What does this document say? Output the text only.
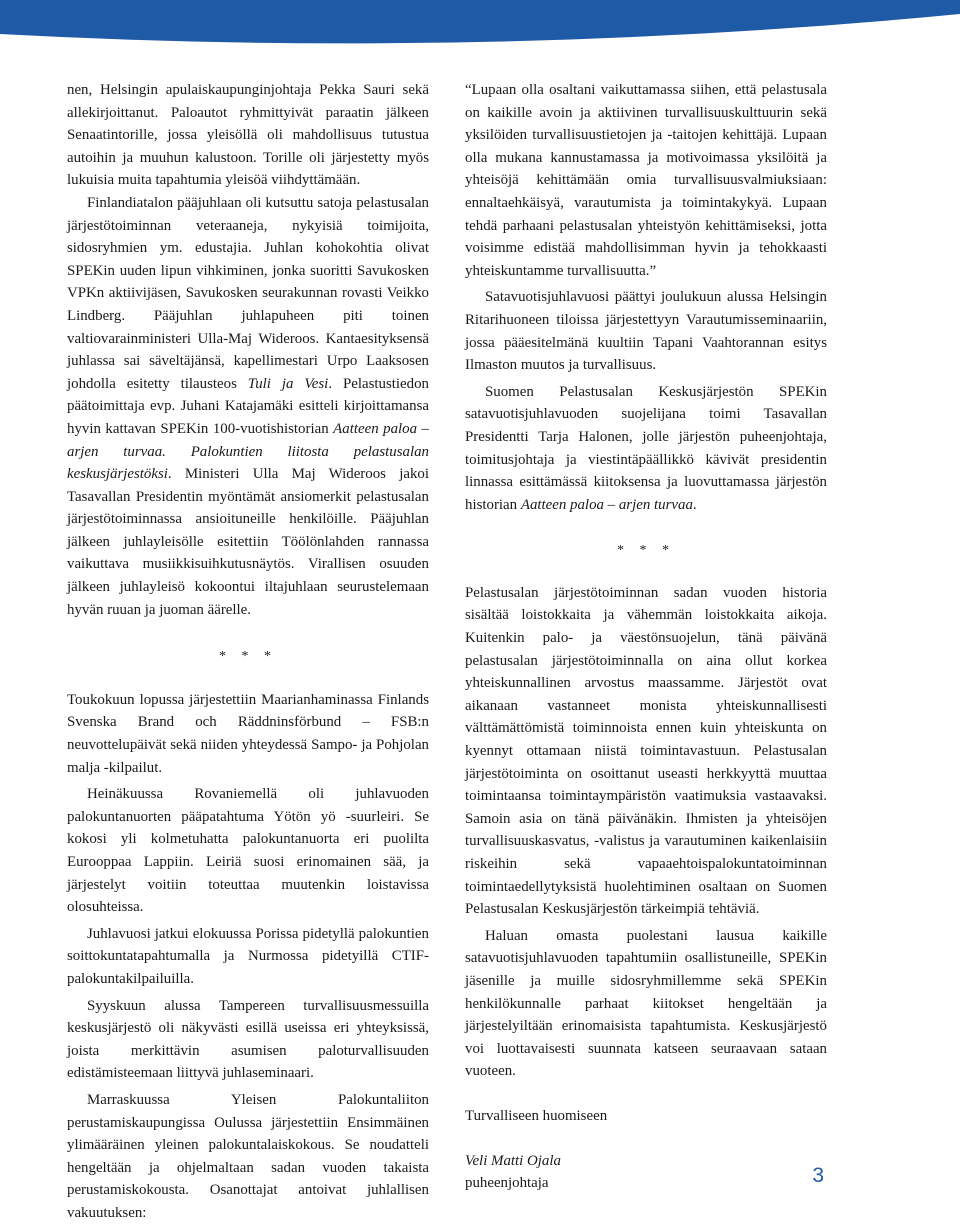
nen, Helsingin apulaiskaupunginjohtaja Pekka Sauri sekä allekirjoittanut. Paloautot ryhmittyivät paraatin jälkeen Senaatintorille, jossa yleisöllä oli mahdollisuus tutustua autoihin ja muuhun kalustoon. Torille oli järjestetty myös lukuisia muita tapahtumia yleisöä viihdyttämään.

Finlandiatalon pääjuhlaan oli kutsuttu satoja pelastusalan järjestötoiminnan veteraaneja, nykyisiä toimijoita, sidosryhmien ym. edustajia. Juhlan kohokohtia olivat SPEKin uuden lipun vihkiminen, jonka suoritti Savukosken VPKn aktiivijäsen, Savukosken seurakunnan rovasti Veikko Lindberg. Pääjuhlan juhlapuheen piti toinen valtiovarainministeri Ulla-Maj Wideroos. Kantaesityksensä juhlassa sai säveltäjänsä, kapellimestari Urpo Laaksosen johdolla esitetty tilausteos Tuli ja Vesi. Pelastustiedon päätoimittaja evp. Juhani Katajamäki esitteli kirjoittamansa hyvin kattavan SPEKin 100-vuotishistorian Aatteen paloa – arjen turvaa. Palokuntien liitosta pelastusalan keskusjärjestöksi. Ministeri Ulla Maj Wideroos jakoi Tasavallan Presidentin myöntämät ansiomerkit pelastusalan järjestötoiminnassa ansioituneille henkilöille. Pääjuhlan jälkeen juhlayleisölle esitettiin Töölönlahden rannassa vaikuttava musiikkisuihkutusnäytös. Virallisen osuuden jälkeen juhlayleisö kokoontui iltajuhlaan seurustelemaan hyvän ruuan ja juoman äärelle.

* * *

Toukokuun lopussa järjestettiin Maarianhaminassa Finlands Svenska Brand och Räddninsförbund – FSB:n neuvottelupäivät sekä niiden yhteydessä Sampo- ja Pohjolan malja -kilpailut.

Heinäkuussa Rovaniemellä oli juhlavuoden palokuntanuorten pääpatahtuma Yötön yö -suurleiri. Se kokosi yli kolmetuhatta palokuntanuorta eri puolilta Eurooppaa Lappiin. Leiriä suosi erinomainen sää, ja järjestelyt voitiin toteuttaa muutenkin loistavissa olosuhteissa.

Juhlavuosi jatkui elokuussa Porissa pidetyllä palokuntien soittokuntatapahtumalla ja Nurmossa pidetyillä CTIF-palokuntakilpailuilla.

Syyskuun alussa Tampereen turvallisuusmessuilla keskusjärjestö oli näkyvästi esillä useissa eri yhteyksissä, joista merkittävin asumisen paloturvallisuuden edistämisteemaan liittyvä juhlaseminaari.

Marraskuussa Yleisen Palokuntaliiton perustamiskaupungissa Oulussa järjestettiin Ensimmäinen ylimääräinen yleinen palokuntalaiskokous. Se noudatteli hengeltään ja ohjelmaltaan sadan vuoden takaista perustamiskokousta. Osanottajat antoivat juhlallisen vakuutuksen:

“Lupaan olla osaltani vaikuttamassa siihen, että pelastusala on kaikille avoin ja aktiivinen turvallisuuskulttuurin sekä yksilöiden turvallisuustietojen ja -taitojen kehittäjä. Lupaan olla mukana kannustamassa ja motivoimassa yksilöitä ja yhteisöjä kehittämään omia turvallisuusvalmiuksiaan: ennaltaehkäisyä, varautumista ja toimintakykyä. Lupaan tehdä parhaani pelastusalan yhteistyön kehittämiseksi, jotta voisimme edistää mahdollisimman hyvin ja tehokkaasti yhteiskuntamme turvallisuutta.”

Satavuotisjuhlavuosi päättyi joulukuun alussa Helsingin Ritarihuoneen tiloissa järjestettyyn Varautumisseminaariin, jossa pääesitelmänä kuultiin Tapani Vaahtorannan esitys Ilmaston muutos ja turvallisuus.

Suomen Pelastusalan Keskusjärjestön SPEKin satavuotisjuhlavuoden suojelijana toimi Tasavallan Presidentti Tarja Halonen, jolle järjestön puheenjohtaja, toimitusjohtaja ja viestintäpäällikkö kävivät presidentin linnassa esittämässä kiitoksensa ja luovuttamassa järjestön historian Aatteen paloa – arjen turvaa.

* * *

Pelastusalan järjestötoiminnan sadan vuoden historia sisältää loistokkaita ja vähemmän loistokkaita aikoja. Kuitenkin palo- ja väestönsuojelun, tänä päivänä pelastusalan järjestötoiminnalla on aina ollut korkea yhteiskunnallinen arvostus maassamme. Järjestöt ovat aikanaan vastanneet monista yhteiskunnallisesti välttämättömistä toiminnoista ennen kuin yhteiskunta on kyennyt ottamaan niistä toimintavastuun. Pelastusalan järjestötoiminta on osoittanut useasti herkkyyttä muuttaa toimintaansa toimintaympäristön vaatimuksia vastaavaksi. Samoin asia on tänä päivänäkin. Ihmisten ja yhteisöjen turvallisuuskasvatus, -valistus ja varautuminen kaikenlaisiin riskeihin sekä vapaaehtoispalokuntatoiminnan toimintaedellytyksistä huolehtiminen osaltaan on Suomen Pelastusalan Keskusjärjestön tärkeimpiä tehtäviä.

Haluan omasta puolestani lausua kaikille satavuotisjuhlavuoden tapahtumiin osallistuneille, SPEKin jäsenille ja muille sidosryhmillemme sekä SPEKin henkilökunnalle parhaat kiitokset hengeltään ja järjestelyiltään erinomaisista tapahtumista. Keskusjärjestö voi luottavaisesti suunnata katseen seuraavaan sataan vuoteen.

Turvalliseen huomiseen
Veli Matti Ojala
puheenjohtaja	3
